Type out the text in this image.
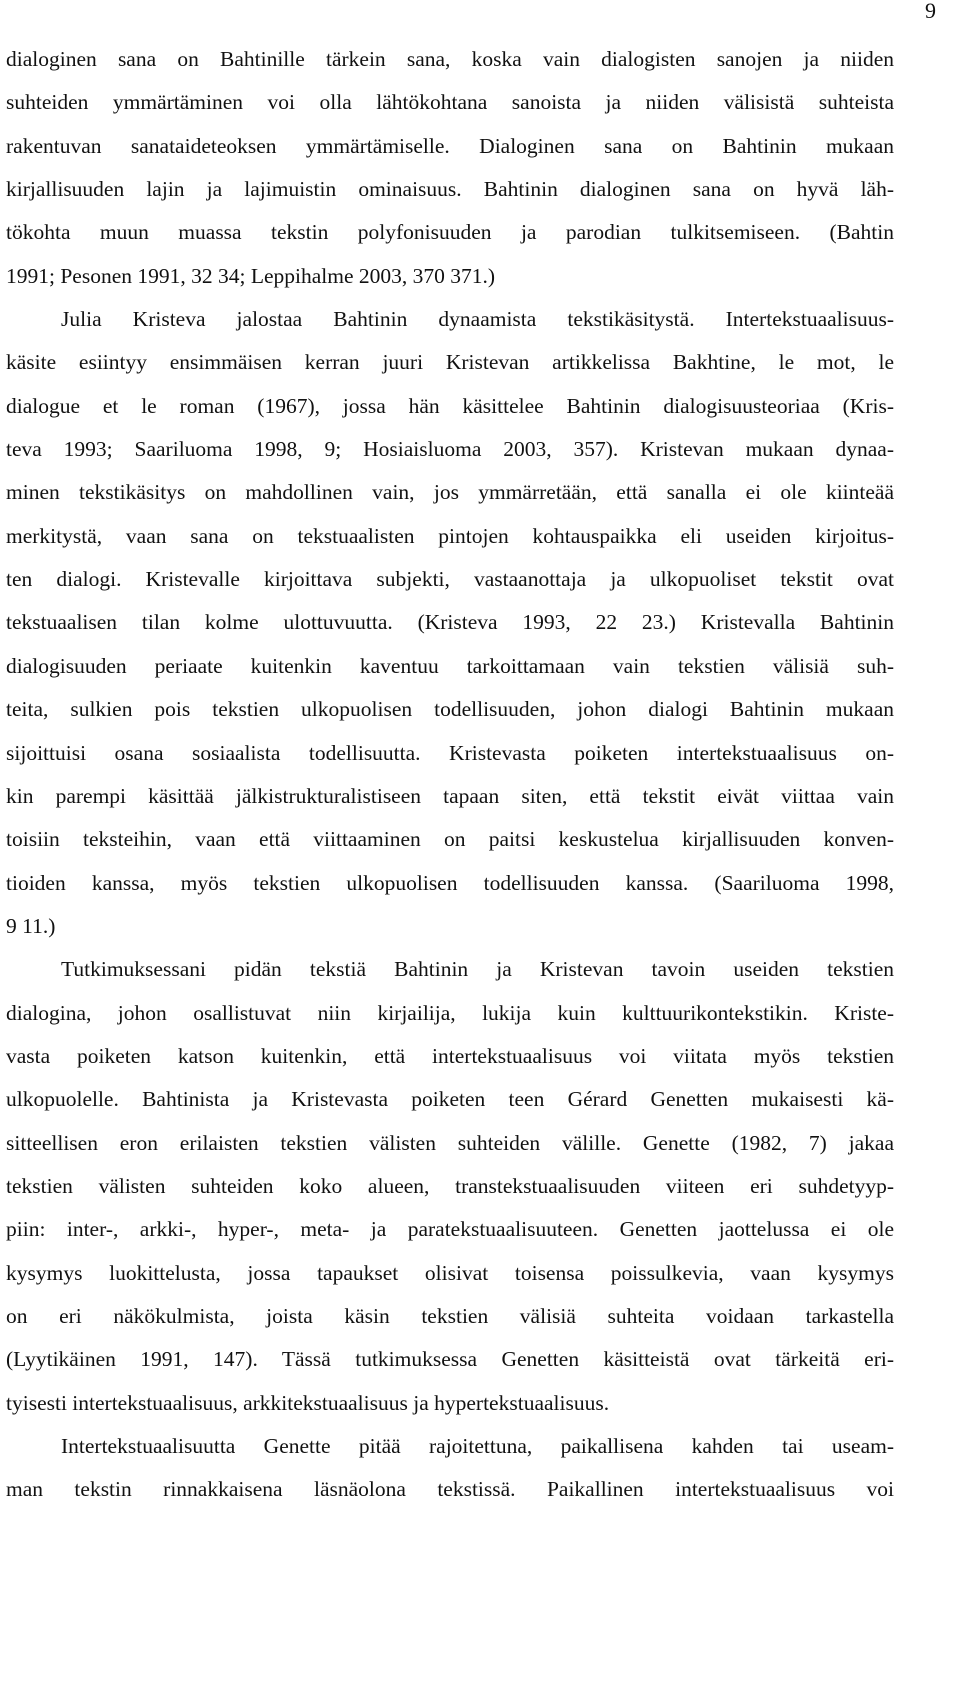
9
dialoginen sana on Bahtinille tärkein sana, koska vain dialogisten sanojen ja niiden
suhteiden ymmärtäminen voi olla lähtökohtana sanoista ja niiden välisistä suhteista
rakentuvan sanataideteoksen ymmärtämiselle. Dialoginen sana on Bahtinin mukaan
kirjallisuuden lajin ja lajimuistin ominaisuus. Bahtinin dialoginen sana on hyvä läh-
tökohta muun muassa tekstin polyfonisuuden ja parodian tulkitsemiseen. (Bahtin
1991; Pesonen 1991, 32 34; Leppihalme 2003, 370 371.)
Julia Kristeva jalostaa Bahtinin dynaamista tekstikäsitystä. Intertekstuaalisuus-
käsite esiintyy ensimmäisen kerran juuri Kristevan artikkelissa Bakhtine, le mot, le
dialogue et le roman (1967), jossa hän käsittelee Bahtinin dialogisuusteoriaa (Kris-
teva 1993; Saariluoma 1998, 9; Hosiaisluoma 2003, 357). Kristevan mukaan dynaa-
minen tekstikäsitys on mahdollinen vain, jos ymmärretään, että sanalla ei ole kiinteää
merkitystä, vaan sana on tekstuaalisten pintojen kohtauspaikka eli useiden kirjoitus-
ten dialogi. Kristevalle kirjoittava subjekti, vastaanottaja ja ulkopuoliset tekstit ovat
tekstuaalisen tilan kolme ulottuvuutta. (Kristeva 1993, 22 23.) Kristevalla Bahtinin
dialogisuuden periaate kuitenkin kaventuu tarkoittamaan vain tekstien välisiä suh-
teita, sulkien pois tekstien ulkopuolisen todellisuuden, johon dialogi Bahtinin mukaan
sijoittuisi osana sosiaalista todellisuutta. Kristevasta poiketen intertekstuaalisuus on-
kin parempi käsittää jälkistrukturalistiseen tapaan siten, että tekstit eivät viittaa vain
toisiin teksteihin, vaan että viittaaminen on paitsi keskustelua kirjallisuuden konven-
tioiden kanssa, myös tekstien ulkopuolisen todellisuuden kanssa. (Saariluoma 1998,
9 11.)
Tutkimuksessani pidän tekstiä Bahtinin ja Kristevan tavoin useiden tekstien
dialogina, johon osallistuvat niin kirjailija, lukija kuin kulttuurikontekstikin. Kriste-
vasta poiketen katson kuitenkin, että intertekstuaalisuus voi viitata myös tekstien
ulkopuolelle. Bahtinista ja Kristevasta poiketen teen Gérard Genetten mukaisesti kä-
sitteellisen eron erilaisten tekstien välisten suhteiden välille. Genette (1982, 7) jakaa
tekstien välisten suhteiden koko alueen, transtekstuaalisuuden viiteen eri suhdetyyp-
piin: inter-, arkki-, hyper-, meta- ja paratekstuaalisuuteen. Genetten jaottelussa ei ole
kysymys luokittelusta, jossa tapaukset olisivat toisensa poissulkevia, vaan kysymys
on eri näkökulmista, joista käsin tekstien välisiä suhteita voidaan tarkastella
(Lyytikäinen 1991, 147). Tässä tutkimuksessa Genetten käsitteistä ovat tärkeitä eri-
tyisesti intertekstuaalisuus, arkkitekstuaalisuus ja hypertekstuaalisuus.
Intertekstuaalisuutta Genette pitää rajoitettuna, paikallisena kahden tai useam-
man tekstin rinnakkaisena läsnäolona tekstissä. Paikallinen intertekstuaalisuus voi
